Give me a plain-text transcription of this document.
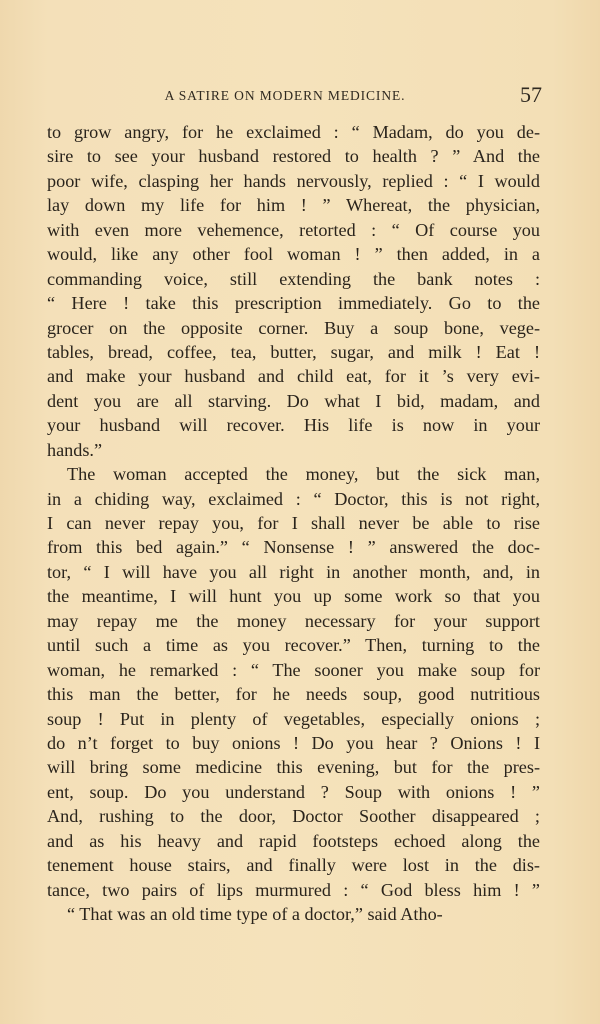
A SATIRE ON MODERN MEDICINE.	57
to grow angry, for he exclaimed : “ Madam, do you de-
sire to see your husband restored to health ? ” And the
poor wife, clasping her hands nervously, replied : “ I would
lay down my life for him ! ” Whereat, the physician,
with even more vehemence, retorted : “ Of course you
would, like any other fool woman ! ” then added, in a
commanding voice, still extending the bank notes :
“ Here ! take this prescription immediately. Go to the
grocer on the opposite corner. Buy a soup bone, vege-
tables, bread, coffee, tea, butter, sugar, and milk ! Eat !
and make your husband and child eat, for it ’s very evi-
dent you are all starving. Do what I bid, madam, and
your husband will recover. His life is now in your
hands.”
The woman accepted the money, but the sick man,
in a chiding way, exclaimed : “ Doctor, this is not right,
I can never repay you, for I shall never be able to rise
from this bed again.” “ Nonsense ! ” answered the doc-
tor, “ I will have you all right in another month, and, in
the meantime, I will hunt you up some work so that you
may repay me the money necessary for your support
until such a time as you recover.” Then, turning to the
woman, he remarked : “ The sooner you make soup for
this man the better, for he needs soup, good nutritious
soup ! Put in plenty of vegetables, especially onions ;
do n’t forget to buy onions ! Do you hear ? Onions ! I
will bring some medicine this evening, but for the pres-
ent, soup. Do you understand ? Soup with onions ! ”
And, rushing to the door, Doctor Soother disappeared ;
and as his heavy and rapid footsteps echoed along the
tenement house stairs, and finally were lost in the dis-
tance, two pairs of lips murmured : “ God bless him ! ”
“ That was an old time type of a doctor,” said Atho-
